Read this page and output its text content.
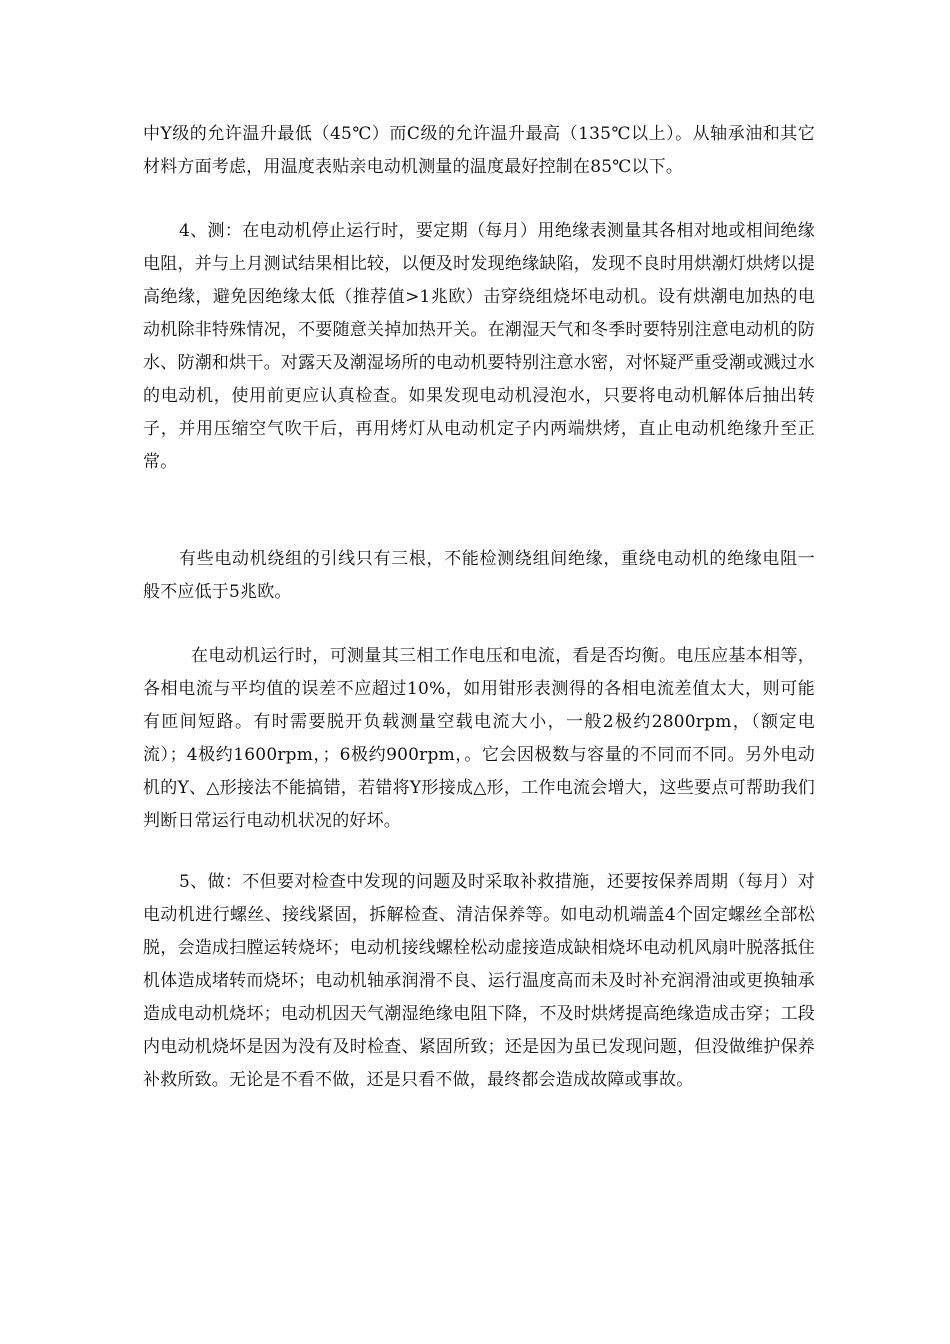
中Y级的允许温升最低（45℃）而C级的允许温升最高（135℃以上）。从轴承油和其它材料方面考虑，用温度表贴亲电动机测量的温度最好控制在85℃以下。

4、测：在电动机停止运行时，要定期（每月）用绝缘表测量其各相对地或相间绝缘电阻，并与上月测试结果相比较，以便及时发现绝缘缺陷，发现不良时用烘潮灯烘烤以提高绝缘，避免因绝缘太低（推荐值>1兆欧）击穿绕组烧坏电动机。设有烘潮电加热的电动机除非特殊情况，不要随意关掉加热开关。在潮湿天气和冬季时要特别注意电动机的防水、防潮和烘干。对露天及潮湿场所的电动机要特别注意水密，对怀疑严重受潮或溅过水的电动机，使用前更应认真检查。如果发现电动机浸泡水，只要将电动机解体后抽出转子，并用压缩空气吹干后，再用烤灯从电动机定子内两端烘烤，直止电动机绝缘升至正常。

有些电动机绕组的引线只有三根，不能检测绕组间绝缘，重绕电动机的绝缘电阻一般不应低于5兆欧。

在电动机运行时，可测量其三相工作电压和电流，看是否均衡。电压应基本相等，各相电流与平均值的误差不应超过10%，如用钳形表测得的各相电流差值太大，则可能有匝间短路。有时需要脱开负载测量空载电流大小，一般2极约2800rpm，（额定电流）；4极约1600rpm，；6极约900rpm，。它会因极数与容量的不同而不同。另外电动机的Y、△形接法不能搞错，若错将Y形接成△形，工作电流会增大，这些要点可帮助我们判断日常运行电动机状况的好坏。

5、做：不但要对检查中发现的问题及时采取补救措施，还要按保养周期（每月）对电动机进行螺丝、接线紧固，拆解检查、清洁保养等。如电动机端盖4个固定螺丝全部松脱，会造成扫膛运转烧坏；电动机接线螺栓松动虚接造成缺相烧坏电动机风扇叶脱落抵住机体造成堵转而烧坏；电动机轴承润滑不良、运行温度高而未及时补充润滑油或更换轴承造成电动机烧坏；电动机因天气潮湿绝缘电阻下降，不及时烘烤提高绝缘造成击穿；工段内电动机烧坏是因为没有及时检查、紧固所致；还是因为虽已发现问题，但没做维护保养补救所致。无论是不看不做，还是只看不做，最终都会造成故障或事故。
